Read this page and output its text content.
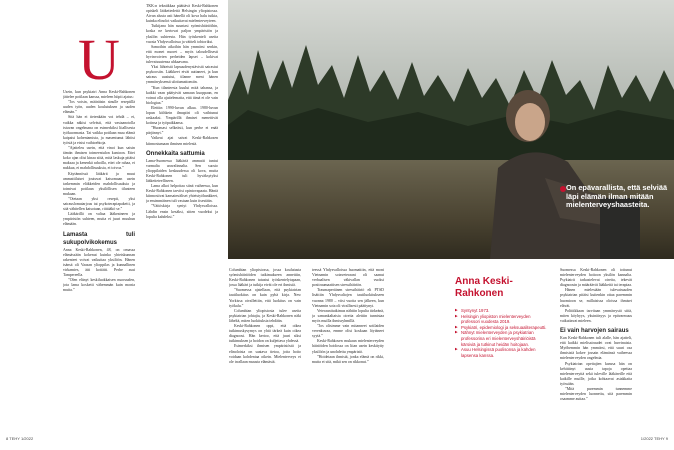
U

Usein, kun psykiatri Anna Keski-Rahkonen jättelee potilaan kanssa, mieleen hiipii ajatus:

”Jos voisin, määräisin sinulle reseptillä uuden työn, uuden koulutuksen ja uuden elämän.”

Sitä hän ei tietenkään voi tehdä – ei, vaikka näkisi selvästi, että vastaanotolla istuvan ongelmana on esimerkiksi liiallisesta työkuormasta. Tai vaikka potilaan muu elämä kaipaisi kohentamista, ja masentunut lähtisi työstä ja etsisi vaihtoehtoja.

”Ajatteleu usein, että vinoi kun saisin tämän ihmisen toimeentulon kuntoon. Ettei koko ajan olisi kinaa siitä, mitä laskuja pitäisi maksaa ja kenenkä rahoilla, ettei ole rahaa, ei nukkua, ei mahdollisuuksia, ei toivoa.”

Käytännössä lääkärit ja muut ammattilaiset joutuvat katsomaan usein tarkemmin eläkkeiden mahdollisuuksia ja toimivat potilaan yksilöllisen tilanteen mukaan.

”Otetaan yksi resepti, yksi sairauslomatarjous tai psykoterapiapaketti, ja sitä vähitellen katsotaan, riittääkö se.”

Lääkärillä on valtaa lääkeaineen ja ympäristön suhteen, mutta ei juuri muuhun elämään.

Lamasta tuli sukupolvikokemus

Anna Keski-Rahkonen, 48, on omassa elämässään kokenut kuinka yhteiskunnan rakenteet voivat vaikuttaa yksilöön. Hänen isänsä oli Vaasan ylioppilas ja kunnallinen virkamies, äiti kotiäiti. Perhe asui Tampereella.

”Olen elänyt keskiluokkaisen nuoruuden, jota lama kosketti vähemmän kuin monia muita.”

TKK:n tekniikkaa päättävä Keski-Rahkonen opiskeli lääketiedettä Helsingin yliopistossa. Aivan alusta asti hänellä oli kova halu tutkia, kuinka elinolot vaikuttavat mielenterveyteen.

Tutkijana hän suuntasi syömishäiriöihin, koska ne kertovat paljon ympäristön ja yksilön suhteesta. Hän työskenteli useita vuosia Yhdysvalloissa ja väitteli tohtoriksi.

Samoihin aikoihin hän ymmärsi senkin, että monet nuoret – myös taloudellisesti hyvinvoivien perheiden lapset – kokivat tulevaisuutensa uhkaavana.

Yksi lähteistä lapsuudenystävistä sairastui psykoosiin. Lääkkeet eivät auttaneet, ja kun sairaus uusiutui, tilanne meni hänen ymmärryksensä ulottumattomiin.

”Kun tilanteesta kuului mitä tahansa, ja kaikki vaan päätyivät samaan kuoppaan, en voinut olla ajattelematta, että tämä ei ole vain biologiaa.”

Elettiin 1990-luvun alkua. 1980-luvun lopun kiihkein ilmapiiri oli vaihtunut raskaaksi. Ympärillä ihmiset menettivät kotinsa ja työpaikkansa.

”Huomasi selkeästi, kun perhe ei enää pärjännyt.”

Vaikeat ajat saivat Keski-Rahkosen kiinnostumaan ihmisen mielestä.

Onnekkaita sattumia

Lama-Suomessa lääkäriä ammatti tuntui varmalta uravalinnalta. Sen suosio ylioppilaiden keskuudessa oli kova, mutta Keski-Rahkonen tuli hyväksytyksi lääketieteelliseen.

Lama alkoi helpottaa siinä vaiheessa, kun Keski-Rahkonen tarvitsi opintovapaata. Häntä kiinnostivat kansainväliset yhteistyöhankkeet, ja ensimmäinen tuli vastaan kuin itsestään.

”Väitöskirja syntyi Yhdysvalloissa. Lähdin ensin kesäksi, sitten vuodeksi ja lopulta kahdeksi.”

On epävarallista, että selviää läpi elämän ilman mitään mielenterveyshaasteita.

Columbian yliopistossa, jossa koulutusta syömishäiriöiden tutkimukseen annettiin, Keski-Rahkonen tutustui työskentelytapaan, jossa lääkäri ja tutkija eivät ole eri ihmisiä.

”Suomessa ajatellaan, että psykiatrian tautiluokitus on kuin pyhä kirja. New Yorkissa oivallettiin, että luokitus on vain työkalu.”

Columbian yliopistosta tulee useita psykiatrian johtajia, ja Keski-Rahkonen näki läheltä, miten luokituksia tehdään.

Keski-Rahkonen oppi, että oikea tutkimuskysymys on yhtä tärkeä kuin oikea diagnoosi. Hän kertoo, että juuri siksi tutkimuksen ja hoidon on kuljettava yhdessä.

Esimerkiksi ihmisen ympäristöstä ja elinoloista on saatava tietoa, jotta hoito voidaan kohdentaa oikein. Mielenterveys ei ole irrallaan muusta elämästä.

teessä Yhdysvalloissa huomattiin, että moni Vietnamin sotaveteraani oli saanut verbaalisen väkivallan vuoksi posttraumaattisen stressihäiriön.

Traumaperäinen stressihäiriö eli PTSD lisättiin Yhdysvaltojen tautiluokitukseen vuonna 1980 – viisi vuotta sen jälkeen, kun Vietnamin sota oli virallisesti päättynyt.

Veteraanitutkimus nähtiin lopulta tärkeänä, ja samankaltaisia oireita alettiin tunnistaa myös muilla ihmisryhmillä.

”Jos olisimme vain mitanneet sotilaiden verenkuvaa, emme olisi koskaan löytäneet syytä.”

Keski-Rahkosen mukaan mielenterveyden häiriöiden hoidossa on liian usein keskitytty yksilöön ja unohdettu ympäristö.

”Hoidetaan ihmistä, jonka elämä on rikki, mutta ei sitä, mikä sen on rikkonut.”

Anna Keski-Rahkonen
▶ Syntynyt 1973.
▶ Helsingin yliopiston mielenterveyden professori vuodesta 2019.
▶ Psykiatri, epidemiologi ja seksuaaliterapeutti.
▶ Nähnyt mielenterveyden ja psykiatrian professorina eri mielenterveyshäiriöistä kärsiviä ja tutkinut heidän hoitojaan.
▶ Asuu Helsingissä puolisonsa ja kahden lapsensa kanssa.

Suomessa Keski-Rahkonen oli tottunut mielenterveyden hoitoon yksilön kannalta. Psykiatrit tarkastelevat oireita, tekevät diagnoosin ja määräävät lääkkeitä tai terapiaa.

Hänen mielestään tulevaisuuden psykiatrian pitäisi kuitenkin ottaa paremmin huomioon se, millaisissa oloissa ihmiset elävät.

Politiikkaan tarvitaan ymmärrystä siitä, miten köyhyys, yksinäisyys ja epävarmuus vaikuttavat mieleen.

Ei vain harvojen sairaus

Kun Keski-Rahkonen tuli alalle, hän ajatteli, että kaikki mielisairaudet ovat harvinaisia. Myöhemmin hän ymmärsi, että suuri osa ihmisistä kokee jossain elämänsä vaiheessa mielenterveyden ongelmia.

Psykiatrian opettajien kanssa hän on kehittänyt uusia tapoja opettaa mielenterveyttä sekä tuleville lääkäreille että kaikille muille, jotka kohtaavat asiakkaita työssään.

”Mitä paremmin tunnemme mielenterveyden luonnetta, sitä paremmin osaamme auttaa.”

8 TEHY 1/2022	1/2022 TEHY 9
